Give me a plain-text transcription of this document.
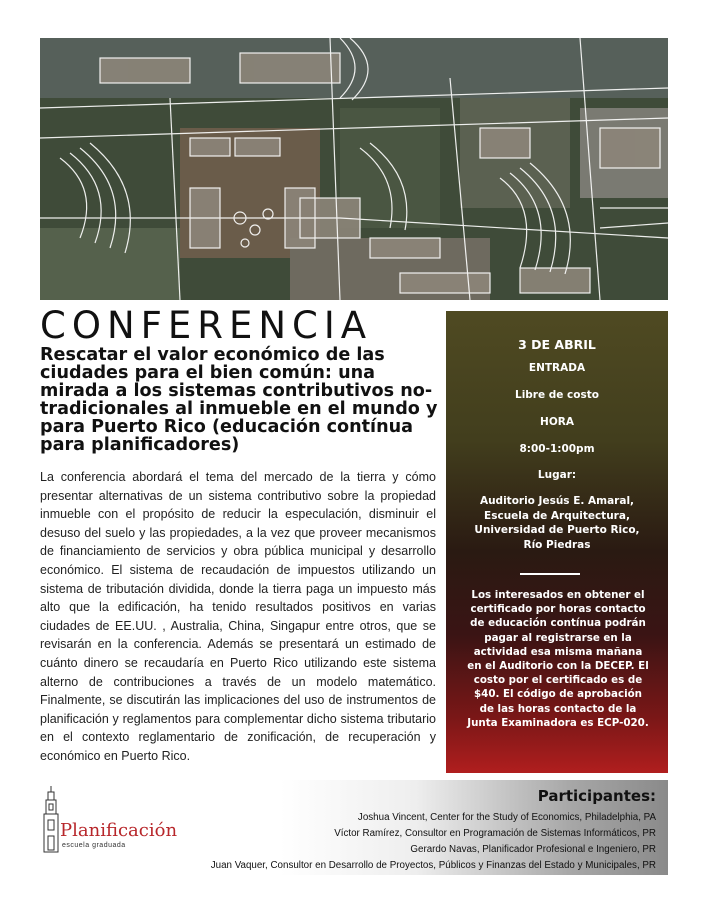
CONFERENCIA
Rescatar el valor económico de las ciudades para el bien común: una mirada a los sistemas contributivos no-tradicionales al inmueble en el mundo y para Puerto Rico (educación contínua para planificadores)
La conferencia abordará el tema del mercado de la tierra y cómo presentar alternativas de un sistema contributivo sobre la propiedad inmueble con el propósito de reducir la especulación, disminuir el desuso del suelo y las propiedades, a la vez que proveer mecanismos de financiamiento de servicios y obra pública municipal y desarrollo económico. El sistema de recaudación de impuestos utilizando un sistema de tributación dividida, donde la tierra paga un impuesto más alto que la edificación, ha tenido resultados positivos en varias ciudades de EE.UU. , Australia, China, Singapur entre otros, que se revisarán en la conferencia. Además se presentará un estimado de cuánto dinero se recaudaría en Puerto Rico utilizando este sistema alterno de contribuciones a través de un modelo matemático. Finalmente, se discutirán las implicaciones del uso de instrumentos de planificación y reglamentos para complementar dicho sistema tributario en el contexto reglamentario de zonificación, de recuperación y económico en Puerto Rico.
3 DE ABRIL
ENTRADA
Libre de costo
HORA
8:00-1:00pm
Lugar:
Auditorio Jesús E. Amaral,
Escuela de Arquitectura,
Universidad de Puerto Rico,
Río Piedras
Los interesados en obtener el certificado por horas contacto de educación contínua podrán pagar al registrarse en la actividad esa misma mañana en el Auditorio con la DECEP. El costo por el certificado es de $40. El código de aprobación de las horas contacto de la Junta Examinadora es ECP-020.
Planificación
escuela graduada
Participantes:
Joshua Vincent, Center for the Study of Economics, Philadelphia, PA
Víctor Ramírez, Consultor en Programación de Sistemas Informáticos, PR
Gerardo Navas, Planificador Profesional e Ingeniero, PR
Juan Vaquer, Consultor en Desarrollo de Proyectos, Públicos y Finanzas del Estado y Municipales, PR
